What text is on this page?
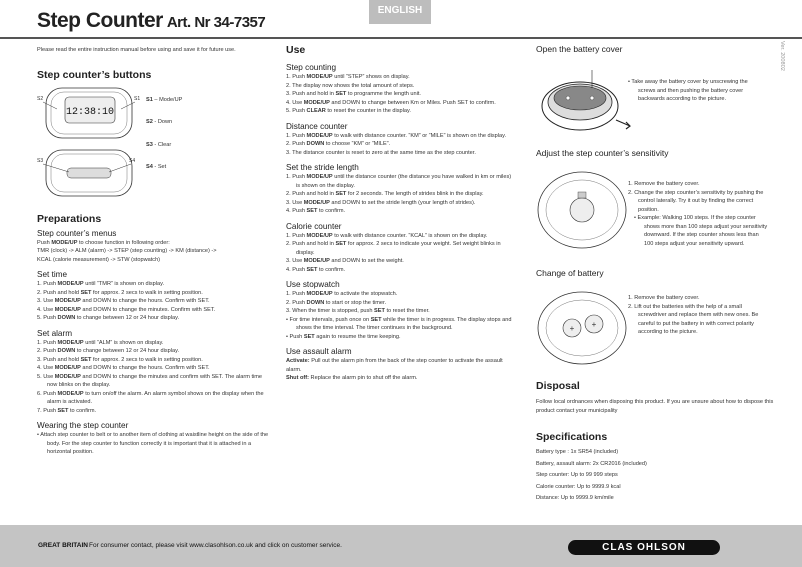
Step Counter Art. Nr 34-7357
ENGLISH
Ver. 200802
Please read the entire instruction manual before using and save it for future use.
Step counter’s buttons
12:38:10
S2	S1
S3	S4
S1 – Mode/UP
S2 - Down
S3 - Clear
S4 - Set
Preparations
Step counter’s menus
Push MODE/UP to choose function in following order:
TMR (clock) -> ALM (alarm) -> STEP (step counting) -> KM (distance) ->
KCAL (calorie measurement) -> STW (stopwatch)
Set time
1. Push MODE/UP until “TMR” is shown on display.
2. Push and hold SET for approx. 2 secs to walk in setting position.
3. Use MODE/UP and DOWN to change the hours. Confirm with SET.
4. Use MODE/UP and DOWN to change the minutes. Confirm with SET.
5. Push DOWN to change between 12 or 24 hour display.
Set alarm
1. Push MODE/UP until “ALM” is shown on display.
2. Push DOWN to change between 12 or 24 hour display.
3. Push and hold SET for approx. 2 secs to walk in setting position.
4. Use MODE/UP and DOWN to change the hours. Confirm with SET.
5. Use MODE/UP and DOWN to change the minutes and confirm with SET. The alarm time now blinks on the display.
6. Push MODE/UP to turn on/off the alarm. An alarm symbol shows on the display when the alarm is activated.
7. Push SET to confirm.
Wearing the step counter
• Attach step counter to belt or to another item of clothing at waistline height on the side of the body. For the step counter to function correctly it is important that it is attached in a horizontal position.
Use
Step counting
1. Push MODE/UP until “STEP” shows on display.
2. The display now shows the total amount of steps.
3. Push and hold in SET to programme the length unit.
4. Use MODE/UP and DOWN to change between Km or Miles. Push SET to confirm.
5. Push CLEAR to reset the counter in the display.
Distance counter
1. Push MODE/UP to walk with distance counter. “KM” or “MILE” is shown on the display.
2. Push DOWN to choose “KM” or “MILE”.
3. The distance counter is reset to zero at the same time as the step counter.
Set the stride length
1. Push MODE/UP until the distance counter (the distance you have walked in km or miles) is shown on the display.
2. Push and hold in SET for 2 seconds. The length of strides blink in the display.
3. Use MODE/UP and DOWN to set the stride length (your length of strides).
4. Push SET to confirm.
Calorie counter
1. Push MODE/UP to walk with distance counter. “KCAL” is shown on the display.
2. Push and hold in SET for approx. 2 secs to indicate your weight. Set weight blinks in display.
3. Use MODE/UP and DOWN to set the weight.
4. Push SET to confirm.
Use stopwatch
1. Push MODE/UP to activate the stopwatch.
2. Push DOWN to start or stop the timer.
3. When the timer is stopped, push SET to reset the timer.
• For time intervals, push once on SET while the timer is in progress. The display stops and shows the time interval. The timer continues in the background.
• Push SET again to resume the time keeping.
Use assault alarm
Activate: Pull out the alarm pin from the back of the step counter to activate the assault alarm.
Shut off: Replace the alarm pin to shut off the alarm.
Open the battery cover
• Take away the battery cover by unscrewing the screws and then pushing the battery cover backwards according to the picture.
Adjust the step counter’s sensitivity
1. Remove the battery cover.
2. Change the step counter’s sensitivity by pushing the control laterally. Try it out by finding the correct position.
• Example: Walking 100 steps. If the step counter shows more than 100 steps adjust your sensitivity downward. If the step counter shows less than 100 steps adjust your sensitivity upward.
Change of battery
+ +
1. Remove the battery cover.
2. Lift out the batteries with the help of a small screwdriver and replace them with new ones. Be careful to put the battery in with correct polarity according to the picture.
Disposal
Follow local ordnances when disposing this product. If you are unsure about how to dispose this product contact your municipality
Specifications
Battery type : 1x SR54 (included)
Battery, assault alarm: 2x CR2016 (included)
Step counter: Up to 99 999 steps
Calorie counter: Up to 9999.9 kcal
Distance: Up to 9999.9 km/mile
GREAT BRITAIN For consumer contact, please visit www.clasohlson.co.uk and click on customer service.	CLAS OHLSON
